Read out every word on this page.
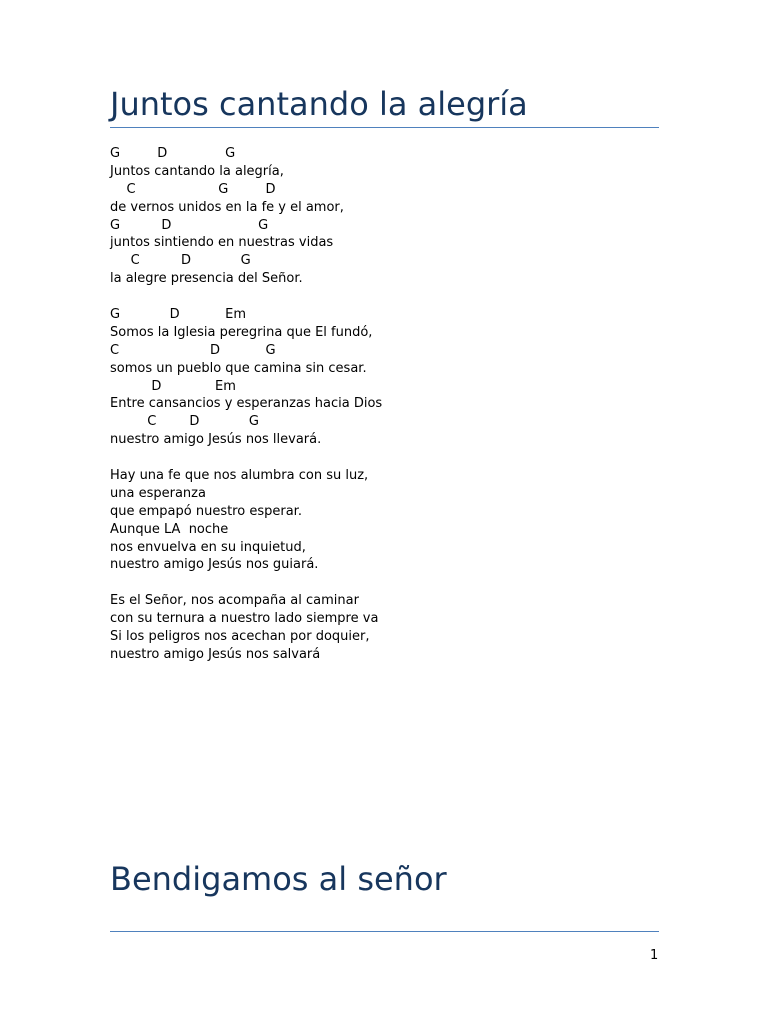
Juntos cantando la alegría
G         D              G
Juntos cantando la alegría,
C                    G         D
de vernos unidos en la fe y el amor,
G          D                     G
juntos sintiendo en nuestras vidas
C          D            G
la alegre presencia del Señor.
G            D           Em
Somos la Iglesia peregrina que El fundó,
C                      D           G
somos un pueblo que camina sin cesar.
D             Em
Entre cansancios y esperanzas hacia Dios
C        D            G
nuestro amigo Jesús nos llevará.
Hay una fe que nos alumbra con su luz,
una esperanza
que empapó nuestro esperar.
Aunque LA  noche
nos envuelva en su inquietud,
nuestro amigo Jesús nos guiará.
Es el Señor, nos acompaña al caminar
con su ternura a nuestro lado siempre va
Si los peligros nos acechan por doquier,
nuestro amigo Jesús nos salvará
Bendigamos al señor
1
